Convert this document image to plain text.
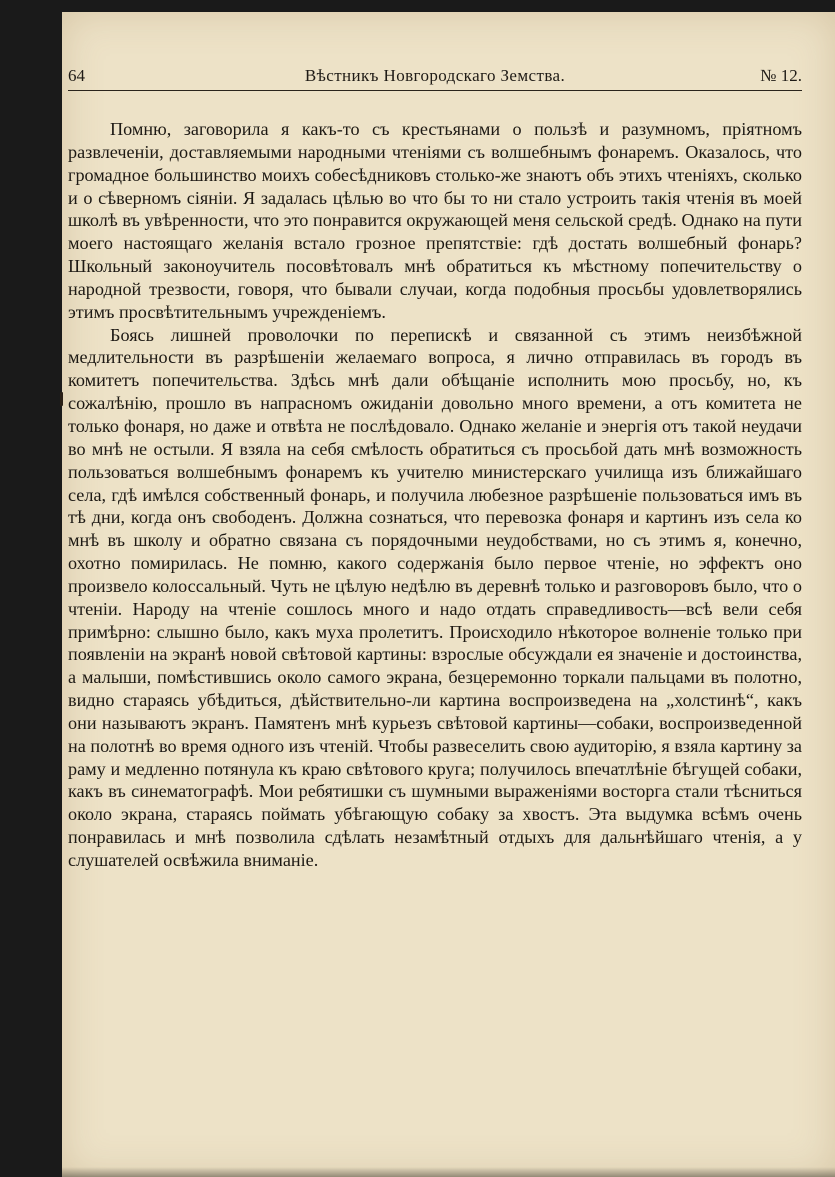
64	Вѣстникъ Новгородскаго Земства.	№ 12.

Помню, заговорила я какъ-то съ крестьянами о пользѣ и разумномъ, пріятномъ развлеченіи, доставляемыми народными чтеніями съ волшебнымъ фонаремъ. Оказалось, что громадное большинство моихъ собесѣдниковъ столько-же знаютъ объ этихъ чтеніяхъ, сколько и о сѣверномъ сіяніи. Я задалась цѣлью во что бы то ни стало устроить такія чтенія въ моей школѣ въ увѣренности, что это понравится окружающей меня сельской средѣ. Однако на пути моего настоящаго желанія встало грозное препятствіе: гдѣ достать волшебный фонарь? Школьный законоучитель посовѣтовалъ мнѣ обратиться къ мѣстному попечительству о народной трезвости, говоря, что бывали случаи, когда подобныя просьбы удовлетворялись этимъ просвѣтительнымъ учрежденіемъ.

Боясь лишней проволочки по перепискѣ и связанной съ этимъ неизбѣжной медлительности въ разрѣшеніи желаемаго вопроса, я лично отправилась въ городъ въ комитетъ попечительства. Здѣсь мнѣ дали обѣщаніе исполнить мою просьбу, но, къ сожалѣнію, прошло въ напрасномъ ожиданіи довольно много времени, а отъ комитета не только фонаря, но даже и отвѣта не послѣдовало. Однако желаніе и энергія отъ такой неудачи во мнѣ не остыли. Я взяла на себя смѣлость обратиться съ просьбой дать мнѣ возможность пользоваться волшебнымъ фонаремъ къ учителю министерскаго училища изъ ближайшаго села, гдѣ имѣлся собственный фонарь, и получила любезное разрѣшеніе пользоваться имъ въ тѣ дни, когда онъ свободенъ. Должна сознаться, что перевозка фонаря и картинъ изъ села ко мнѣ въ школу и обратно связана съ порядочными неудобствами, но съ этимъ я, конечно, охотно помирилась. Не помню, какого содержанія было первое чтеніе, но эффектъ оно произвело колоссальный. Чуть не цѣлую недѣлю въ деревнѣ только и разговоровъ было, что о чтеніи. Народу на чтеніе сошлось много и надо отдать справедливость—всѣ вели себя примѣрно: слышно было, какъ муха пролетитъ. Происходило нѣкоторое волненіе только при появленіи на экранѣ новой свѣтовой картины: взрослые обсуждали ея значеніе и достоинства, а малыши, помѣстившись около самого экрана, безцеремонно торкали пальцами въ полотно, видно стараясь убѣдиться, дѣйствительно-ли картина воспроизведена на „холстинѣ“, какъ они называютъ экранъ. Памятенъ мнѣ курьезъ свѣтовой картины—собаки, воспроизведенной на полотнѣ во время одного изъ чтеній. Чтобы развеселить свою аудиторію, я взяла картину за раму и медленно потянула къ краю свѣтового круга; получилось впечатлѣніе бѣгущей собаки, какъ въ синематографѣ. Мои ребятишки съ шумными выраженіями восторга стали тѣсниться около экрана, стараясь поймать убѣгающую собаку за хвостъ. Эта выдумка всѣмъ очень понравилась и мнѣ позволила сдѣлать незамѣтный отдыхъ для дальнѣйшаго чтенія, а у слушателей освѣжила вниманіе.
